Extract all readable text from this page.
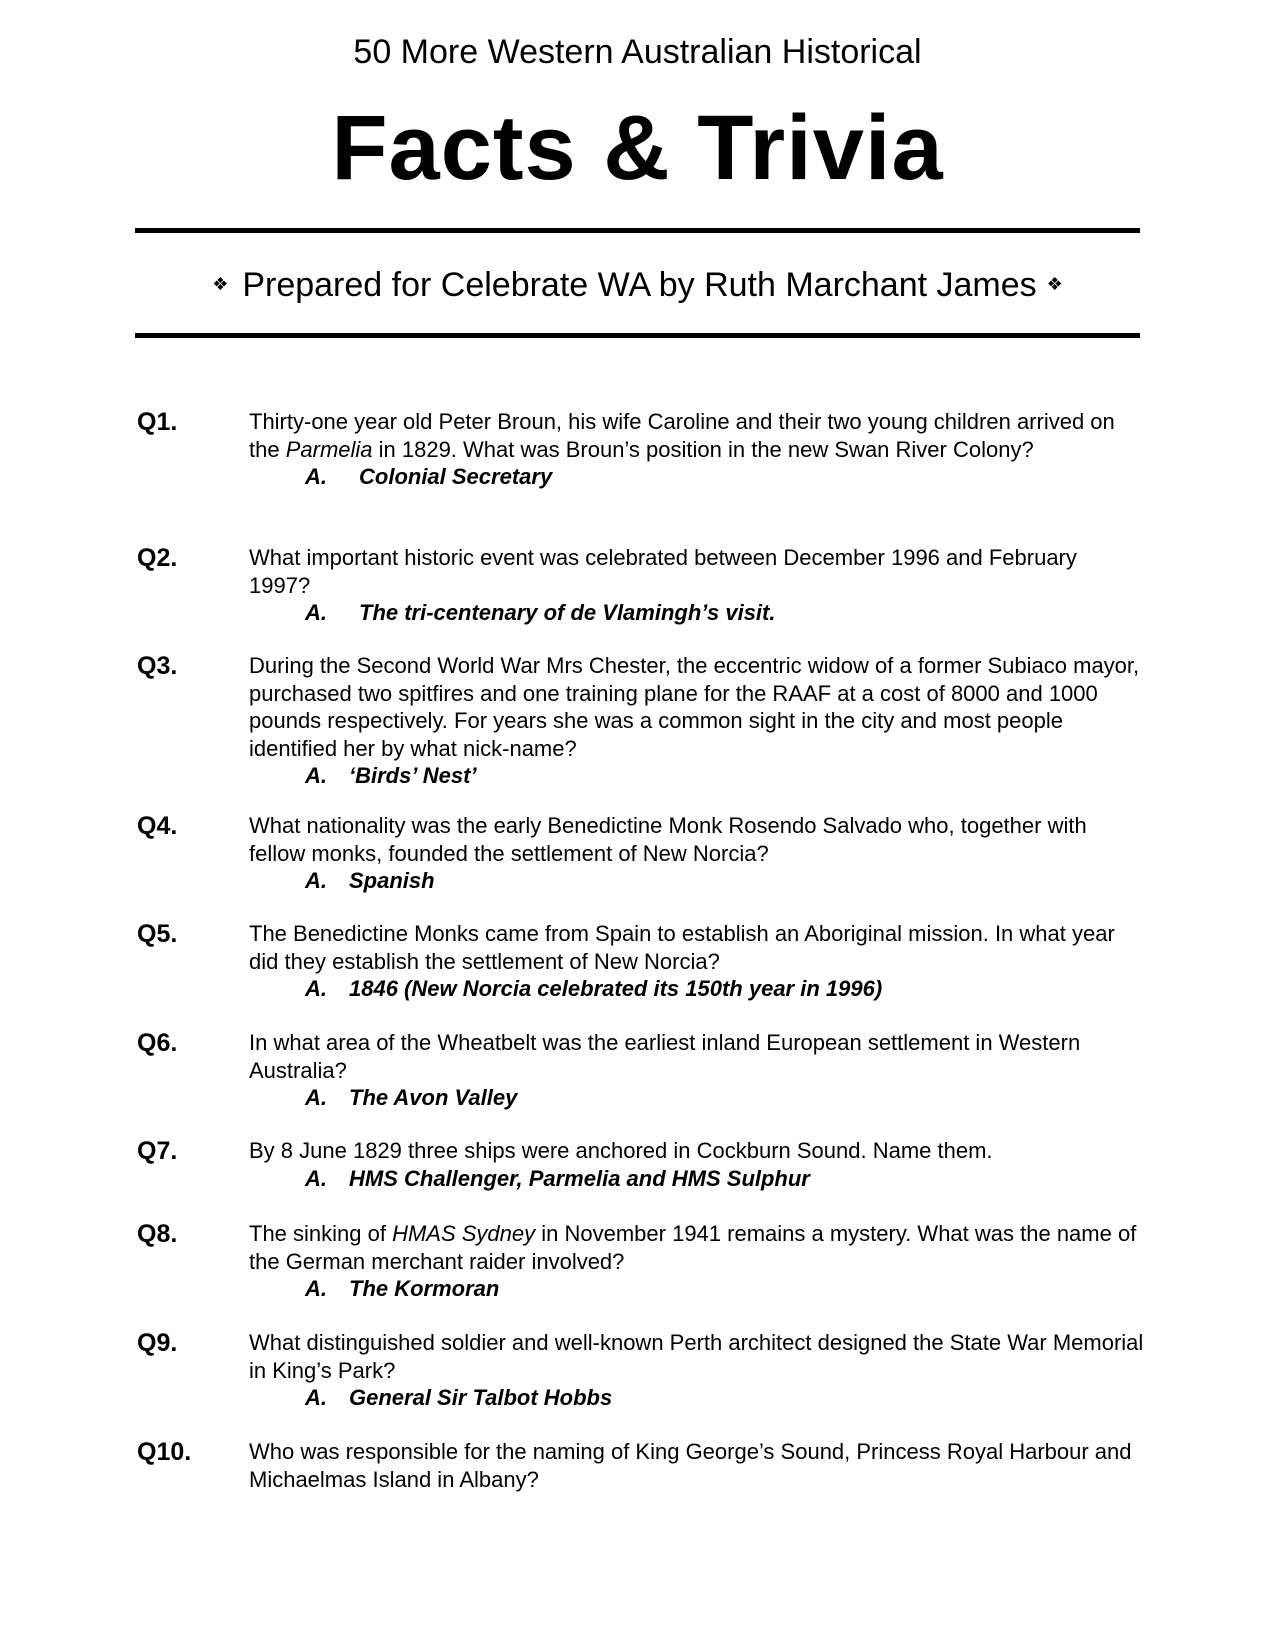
50 More Western Australian Historical
Facts & Trivia
❖ Prepared for Celebrate WA by Ruth Marchant James ❖
Q1.	Thirty-one year old Peter Broun, his wife Caroline and their two young children arrived on the Parmelia in 1829. What was Broun’s position in the new Swan River Colony?
A. Colonial Secretary
Q2.	What important historic event was celebrated between December 1996 and February 1997?
A. The tri-centenary of de Vlamingh’s visit.
Q3.	During the Second World War Mrs Chester, the eccentric widow of a former Subiaco mayor, purchased two spitfires and one training plane for the RAAF at a cost of 8000 and 1000 pounds respectively. For years she was a common sight in the city and most people identified her by what nick-name?
A. ‘Birds’ Nest’
Q4.	What nationality was the early Benedictine Monk Rosendo Salvado who, together with fellow monks, founded the settlement of New Norcia?
A. Spanish
Q5.	The Benedictine Monks came from Spain to establish an Aboriginal mission. In what year did they establish the settlement of New Norcia?
A. 1846 (New Norcia celebrated its 150th year in 1996)
Q6.	In what area of the Wheatbelt was the earliest inland European settlement in Western Australia?
A. The Avon Valley
Q7.	By 8 June 1829 three ships were anchored in Cockburn Sound. Name them.
A. HMS Challenger, Parmelia and HMS Sulphur
Q8.	The sinking of HMAS Sydney in November 1941 remains a mystery. What was the name of the German merchant raider involved?
A. The Kormoran
Q9.	What distinguished soldier and well-known Perth architect designed the State War Memorial in King’s Park?
A. General Sir Talbot Hobbs
Q10.	Who was responsible for the naming of King George’s Sound, Princess Royal Harbour and Michaelmas Island in Albany?
